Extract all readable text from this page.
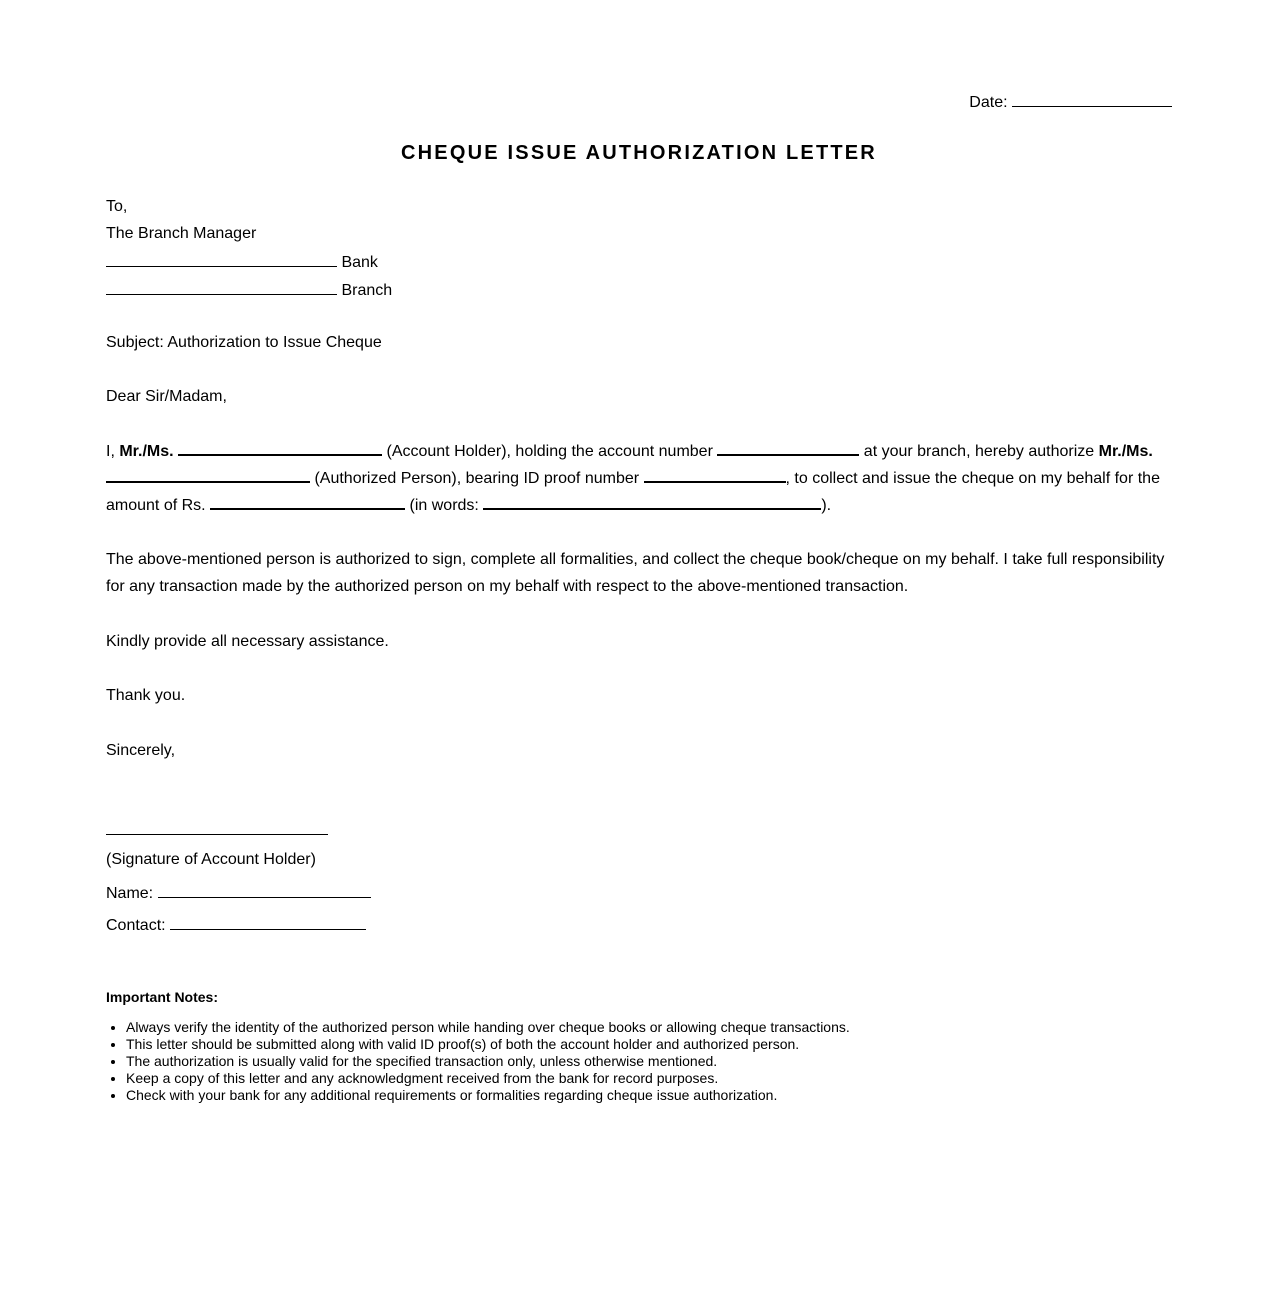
Date:
CHEQUE ISSUE AUTHORIZATION LETTER
To,
The Branch Manager
Bank
Branch
Subject: Authorization to Issue Cheque
Dear Sir/Madam,
I, Mr./Ms.	(Account Holder), holding the account number	at your branch, hereby authorize Mr./Ms.
(Authorized Person), bearing ID proof number	, to collect and issue the cheque on my behalf for the
amount of Rs.	(in words:	).
The above-mentioned person is authorized to sign, complete all formalities, and collect the cheque book/cheque on my behalf. I take full responsibility
for any transaction made by the authorized person on my behalf with respect to the above-mentioned transaction.
Kindly provide all necessary assistance.
Thank you.
Sincerely,
(Signature of Account Holder)
Name:
Contact:
Important Notes:
• Always verify the identity of the authorized person while handing over cheque books or allowing cheque transactions.
• This letter should be submitted along with valid ID proof(s) of both the account holder and authorized person.
• The authorization is usually valid for the specified transaction only, unless otherwise mentioned.
• Keep a copy of this letter and any acknowledgment received from the bank for record purposes.
• Check with your bank for any additional requirements or formalities regarding cheque issue authorization.
